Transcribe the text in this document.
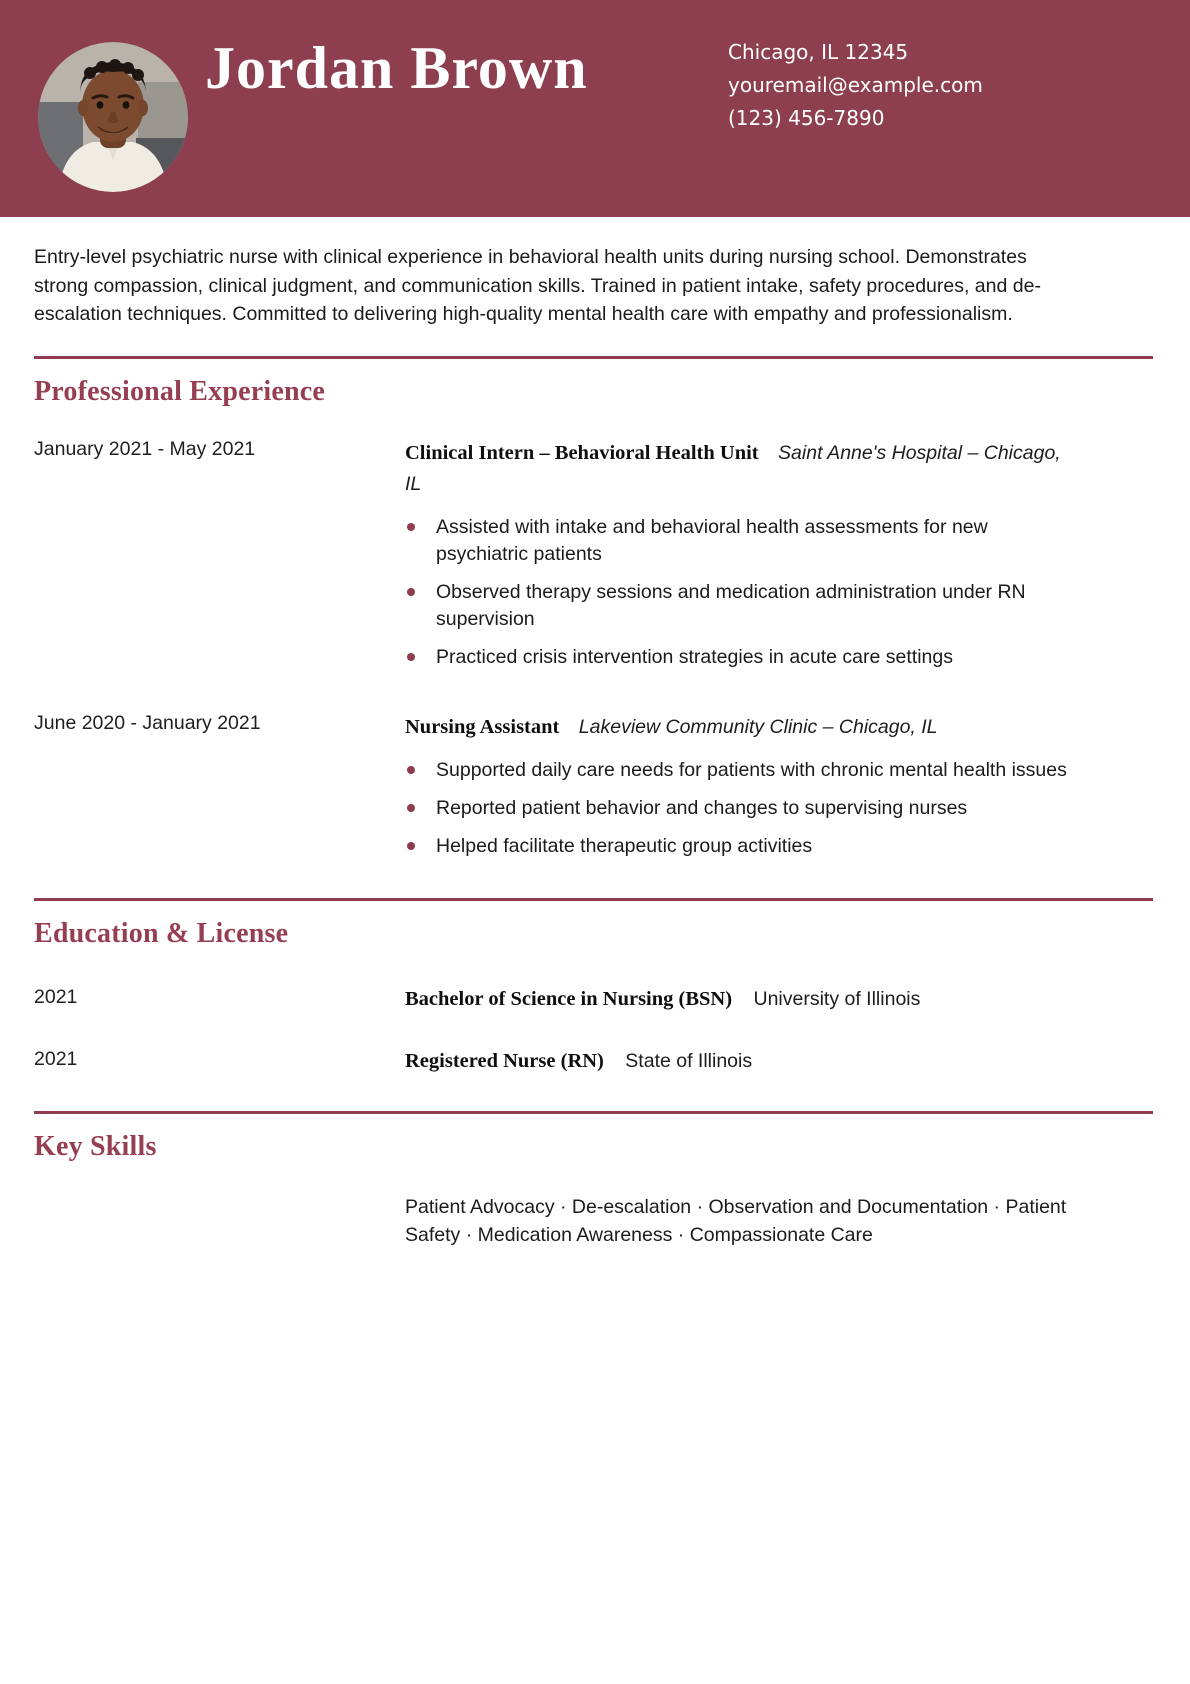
Jordan Brown	Chicago, IL 12345
youremail@example.com
(123) 456-7890

Entry-level psychiatric nurse with clinical experience in behavioral health units during nursing school. Demonstrates strong compassion, clinical judgment, and communication skills. Trained in patient intake, safety procedures, and de-escalation techniques. Committed to delivering high-quality mental health care with empathy and professionalism.

Professional Experience
January 2021 - May 2021	Clinical Intern – Behavioral Health Unit Saint Anne's Hospital – Chicago, IL
Assisted with intake and behavioral health assessments for new psychiatric patients
Observed therapy sessions and medication administration under RN supervision
Practiced crisis intervention strategies in acute care settings
June 2020 - January 2021	Nursing Assistant Lakeview Community Clinic – Chicago, IL
Supported daily care needs for patients with chronic mental health issues
Reported patient behavior and changes to supervising nurses
Helped facilitate therapeutic group activities
Education & License
2021	Bachelor of Science in Nursing (BSN) University of Illinois
2021	Registered Nurse (RN) State of Illinois
Key Skills
Patient Advocacy · De-escalation · Observation and Documentation · Patient Safety · Medication Awareness · Compassionate Care
